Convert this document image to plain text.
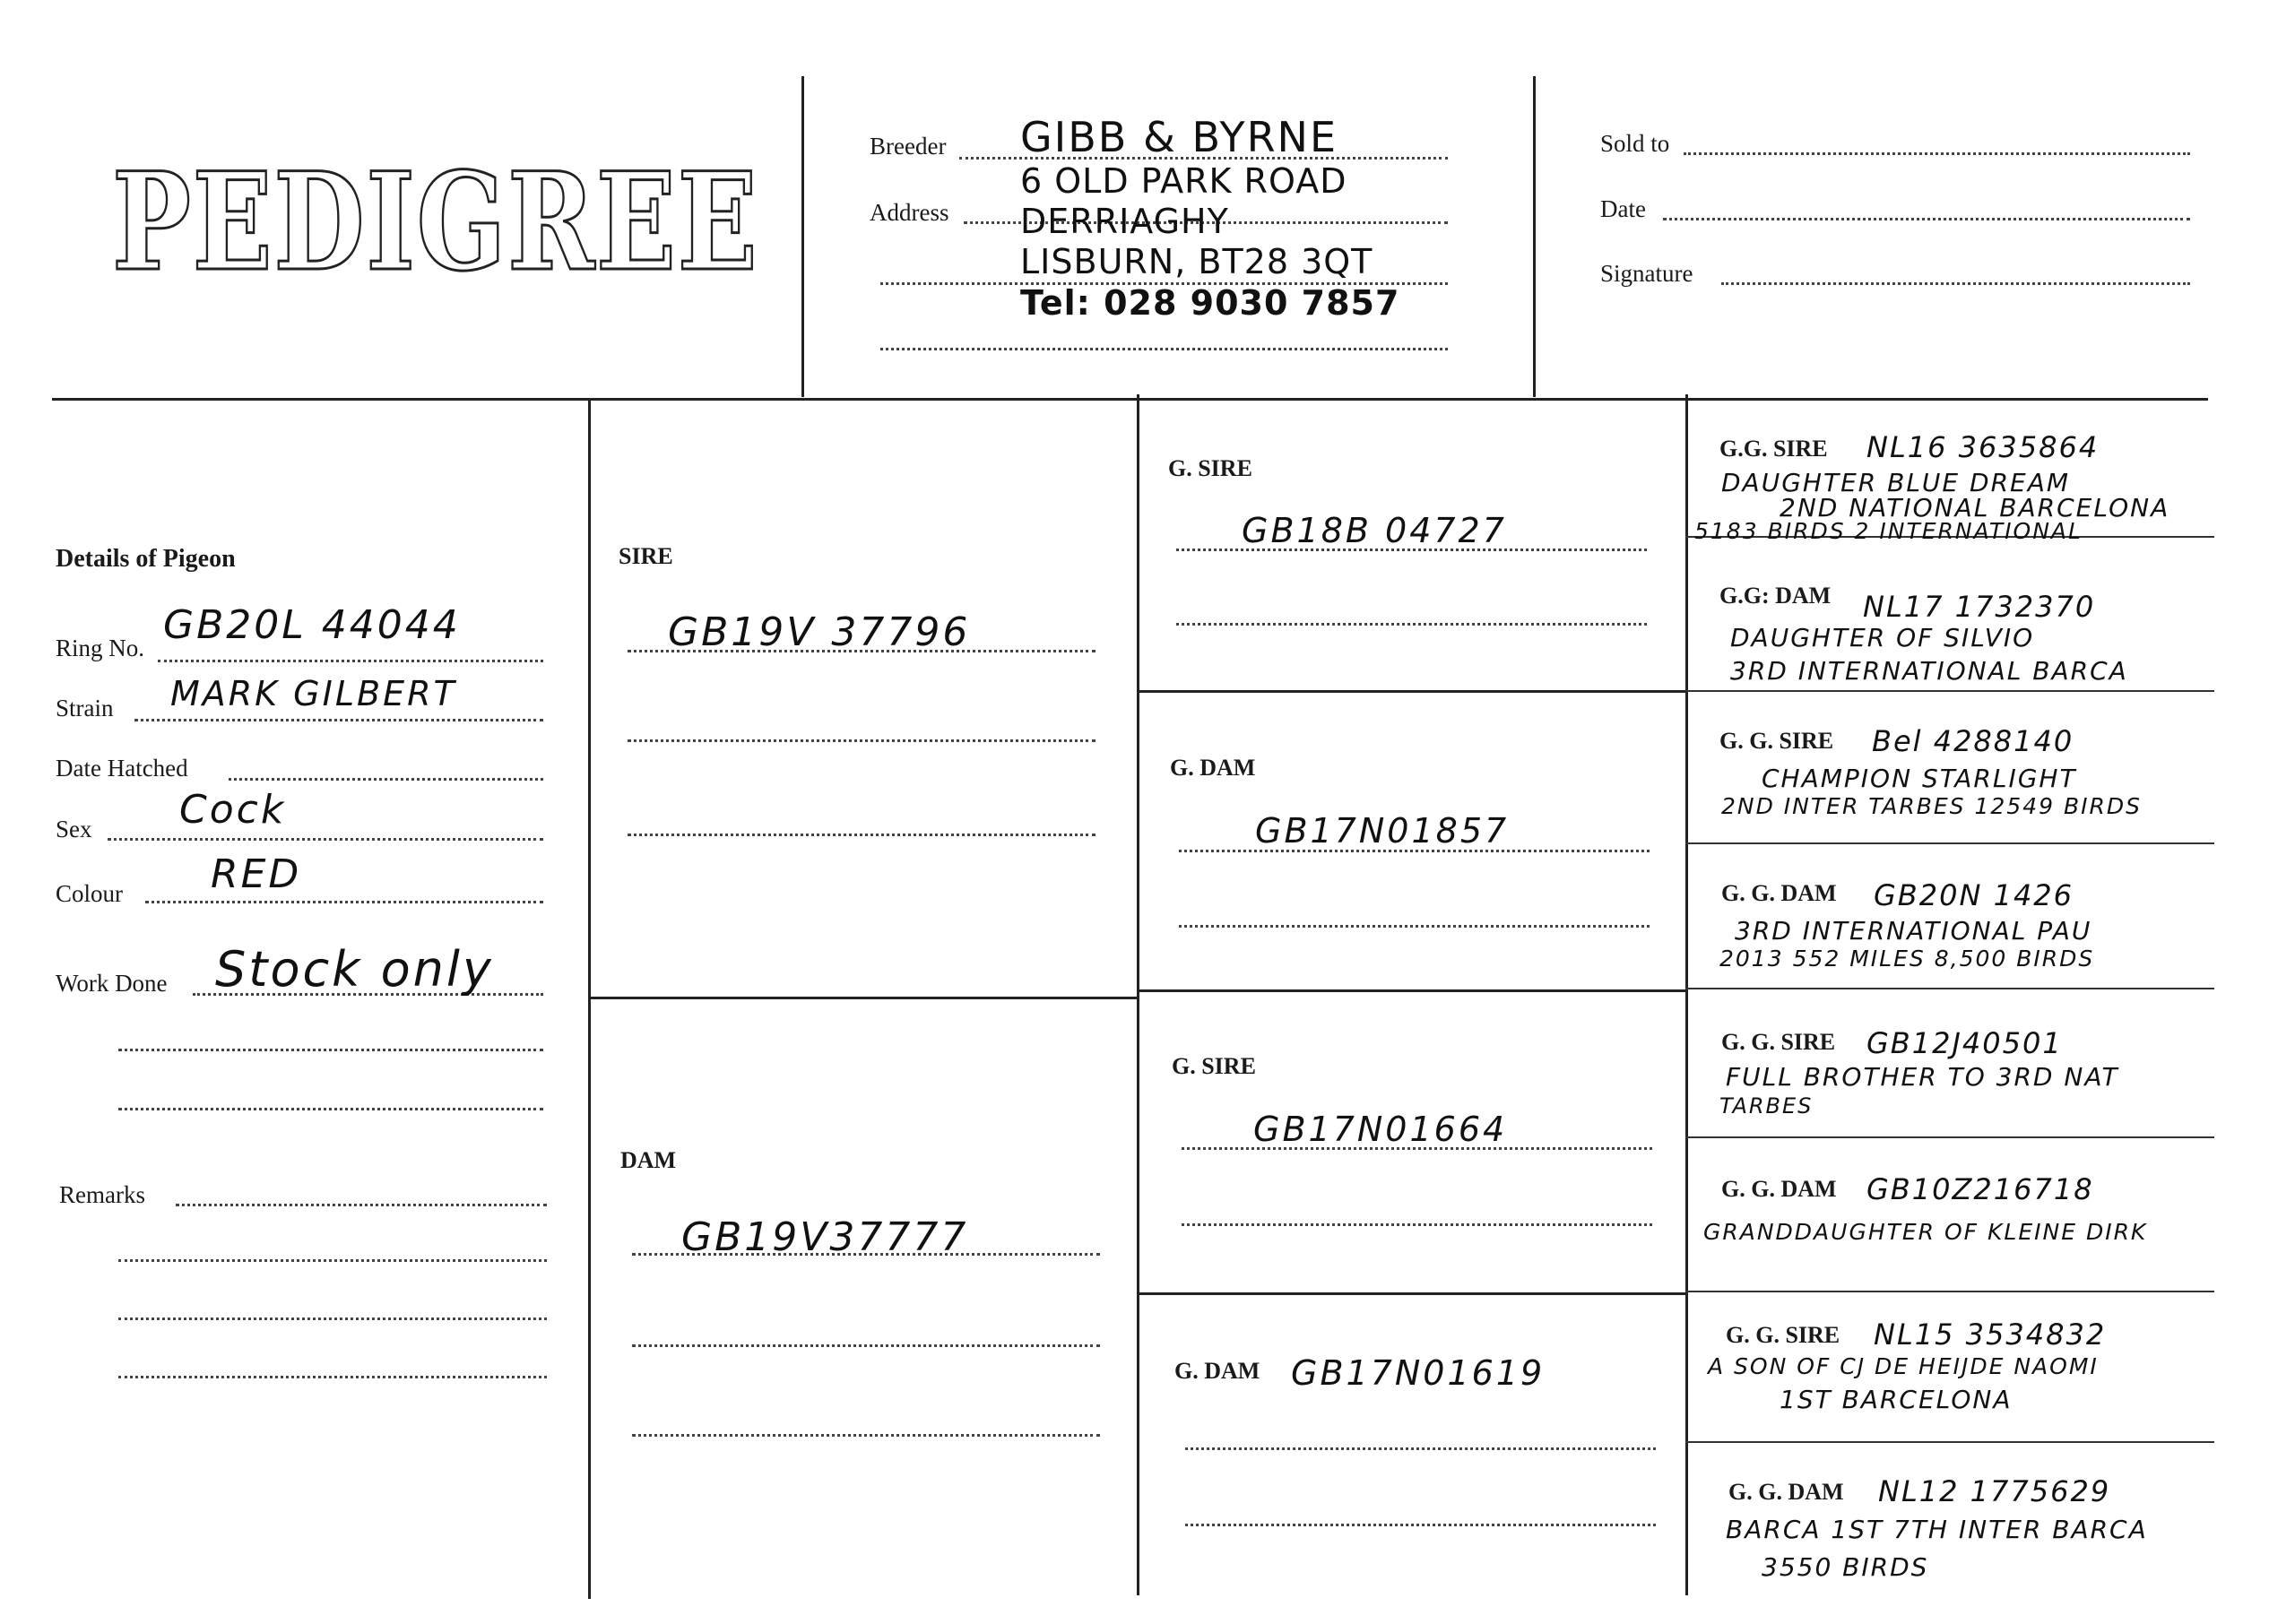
PEDIGREE	Breeder GIBB & BYRNE
Address
6 OLD PARK ROAD
DERRIAGHY
LISBURN, BT28 3QT
Tel: 028 9030 7857
Sold to
Date
Signature
Details of Pigeon
Ring No. GB20L 44044
Strain MARK GILBERT
Date Hatched
Sex Cock
Colour RED
Work Done Stock only
Remarks
SIRE
GB19V 37796
DAM
GB19V37777
G. SIRE
GB18B 04727
G. DAM
GB17N01857
G. SIRE
GB17N01664
G. DAM GB17N01619
G.G. SIRE NL16 3635864
DAUGHTER BLUE DREAM
2ND NATIONAL BARCELONA
5183 BIRDS 2 INTERNATIONAL
G.G: DAM NL17 1732370
DAUGHTER OF SILVIO
3RD INTERNATIONAL BARCA
G. G. SIRE Bel 4288140
CHAMPION STARLIGHT
2ND INTER TARBES 12549 BIRDS
G. G. DAM GB20N 1426
3RD INTERNATIONAL PAU
2013 552 MILES 8,500 BIRDS
G. G. SIRE GB12J40501
FULL BROTHER TO 3RD NAT
TARBES
G. G. DAM GB10Z216718
GRANDDAUGHTER OF KLEINE DIRK
G. G. SIRE NL15 3534832
A SON OF CJ DE HEIJDE NAOMI
1ST BARCELONA
G. G. DAM NL12 1775629
BARCA 1ST 7TH INTER BARCA
3550 BIRDS
